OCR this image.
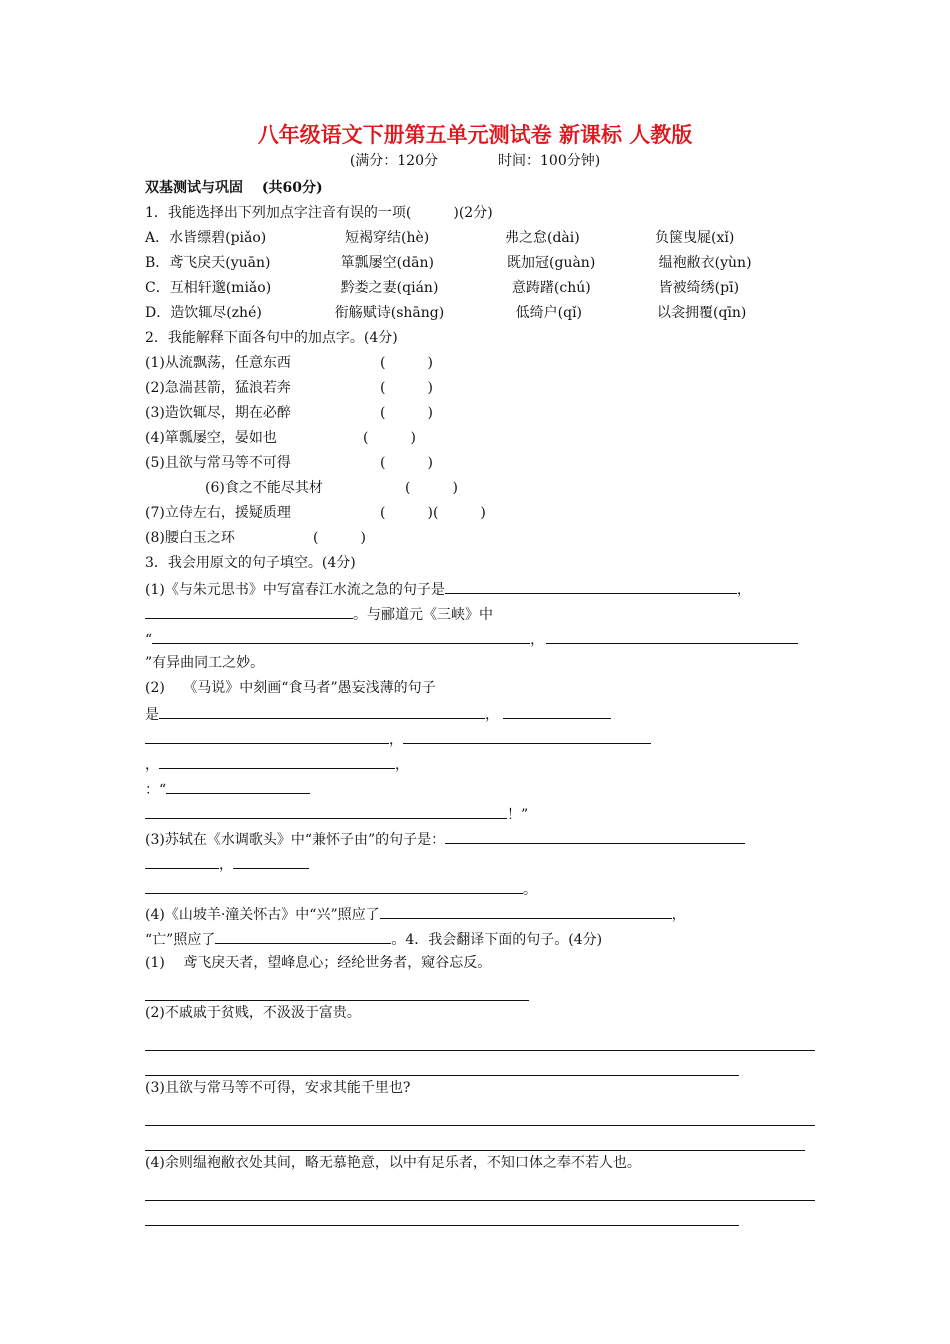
八年级语文下册第五单元测试卷 新课标 人教版
(满分：120分	时间：100分钟)
双基测试与巩固　 (共60分)
1．我能选择出下列加点字注音有误的一项(　　　)(2分)
A．水皆缥碧(piǎo)	短褐穿结(hè)	弗之怠(dài)	负箧曳屣(xǐ)
B．鸢飞戾天(yuān)	箪瓢屡空(dān)	既加冠(guàn)	缊袍敝衣(yùn)
C．互相轩邈(miǎo)	黔娄之妻(qián)	意踌躇(chú)	皆被绮绣(pī)
D．造饮辄尽(zhé)	衔觞赋诗(shāng)	低绮户(qǐ)	以衾拥覆(qīn)
2．我能解释下面各句中的加点字。(4分)
(1)从流飘荡，任意东西	(　　　)
(2)急湍甚箭，猛浪若奔	(　　　)
(3)造饮辄尽，期在必醉	(　　　)
(4)箪瓢屡空，晏如也	(　　　)
(5)且欲与常马等不可得	(　　　)
(6)食之不能尽其材	(　　　)
(7)立侍左右，援疑质理	(　　　)(　　　)
(8)腰白玉之环	(　　　)
3．我会用原文的句子填空。(4分)
(1)《与朱元思书》中写富春江水流之急的句子是	，
。与郦道元《三峡》中
“	，
”有异曲同工之妙。
(2)　 《马说》中刻画“食马者”愚妄浅薄的句子
是	，
，
，	，
：“
！”
(3)苏轼在《水调歌头》中“兼怀子由”的句子是：
，
。
(4)《山坡羊·潼关怀古》中“兴”照应了	，
“亡”照应了	。4．我会翻译下面的句子。(4分)
(1)　 鸢飞戾天者，望峰息心；经纶世务者，窥谷忘反。
(2)不戚戚于贫贱，不汲汲于富贵。
(3)且欲与常马等不可得，安求其能千里也?
(4)余则缊袍敝衣处其间，略无慕艳意，以中有足乐者，不知口体之奉不若人也。
